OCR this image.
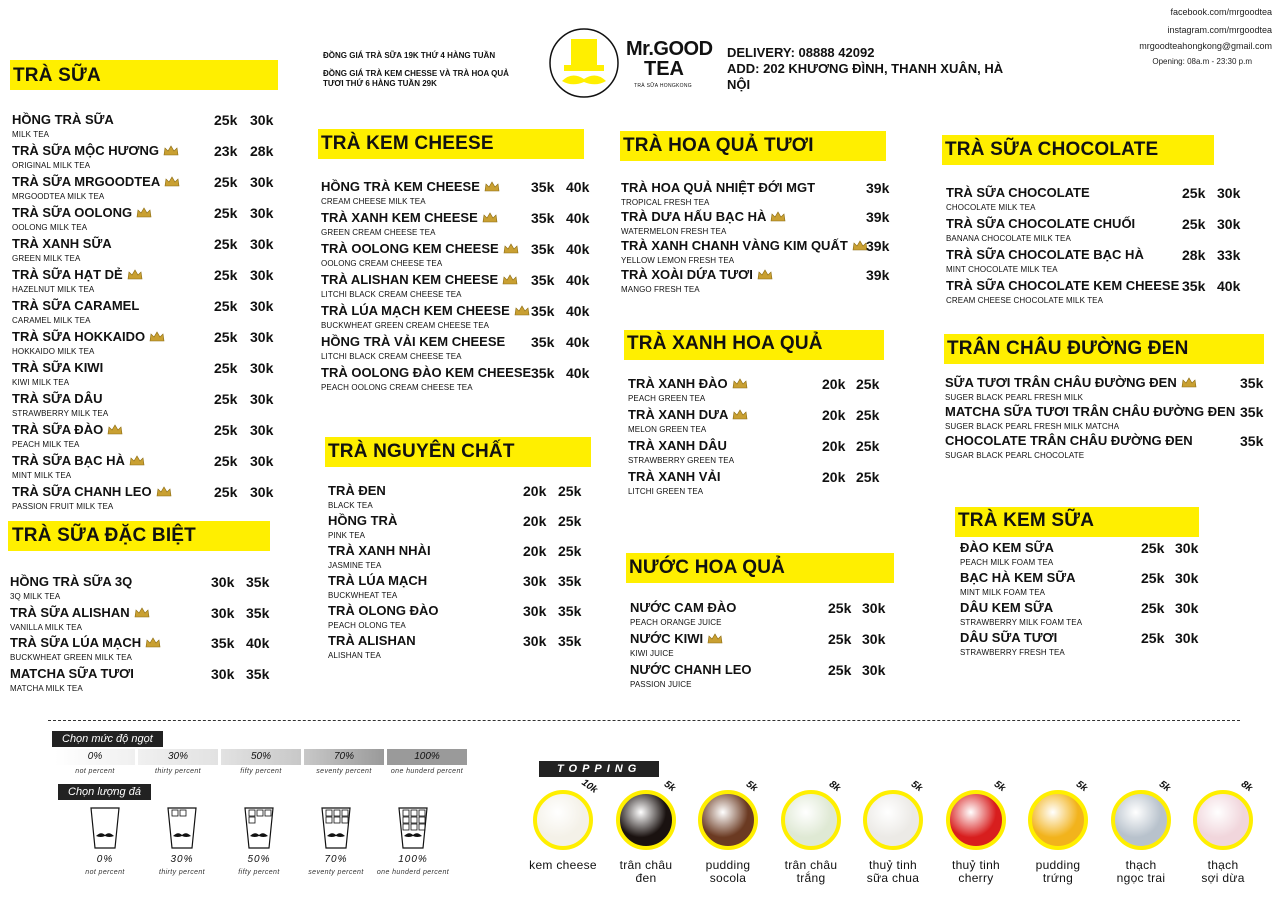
ĐỒNG GIÁ TRÀ SỮA 19K THỨ 4 HÀNG TUẦN
ĐỒNG GIÁ TRÀ KEM CHESSE VÀ TRÀ HOA QUẢ
TƯƠI THỨ 6 HÀNG TUẦN 29K
Mr.GOOD
TEA
TRÀ SỮA HONGKONG
DELIVERY: 08888 42092
ADD: 202 KHƯƠNG ĐÌNH, THANH XUÂN, HÀ
NỘI
facebook.com/mrgoodtea
instagram.com/mrgoodtea
mrgoodteahongkong@gmail.com
Opening: 08a.m - 23:30 p.m
TRÀ SỮA
TRÀ SỮA ĐẶC BIỆT
TRÀ KEM CHEESE
TRÀ NGUYÊN CHẤT
TRÀ HOA QUẢ TƯƠI
TRÀ XANH HOA QUẢ
NƯỚC HOA QUẢ
TRÀ SỮA CHOCOLATE
TRÂN CHÂU ĐƯỜNG ĐEN
TRÀ KEM SỮA
HỒNG TRÀ SỮA
MILK TEA
25k 30k
TRÀ SỮA MỘC HƯƠNG
ORIGINAL MILK TEA
23k 28k
TRÀ SỮA MRGOODTEA
MRGOODTEA MILK TEA
25k 30k
TRÀ SỮA OOLONG
OOLONG MILK TEA
25k 30k
TRÀ XANH SỮA
GREEN MILK TEA
25k 30k
TRÀ SỮA HẠT DẺ
HAZELNUT MILK TEA
25k 30k
TRÀ SỮA CARAMEL
CARAMEL MILK TEA
25k 30k
TRÀ SỮA HOKKAIDO
HOKKAIDO MILK TEA
25k 30k
TRÀ SỮA KIWI
KIWI MILK TEA
25k 30k
TRÀ SỮA DÂU
STRAWBERRY MILK TEA
25k 30k
TRÀ SỮA ĐÀO
PEACH MILK TEA
25k 30k
TRÀ SỮA BẠC HÀ
MINT MILK TEA
25k 30k
TRÀ SỮA CHANH LEO
PASSION FRUIT MILK TEA
25k 30k
HỒNG TRÀ SỮA 3Q
3Q MILK TEA
30k 35k
TRÀ SỮA ALISHAN
VANILLA MILK TEA
30k 35k
TRÀ SỮA LÚA MẠCH
BUCKWHEAT GREEN MILK TEA
35k 40k
MATCHA SỮA TƯƠI
MATCHA MILK TEA
30k 35k
HỒNG TRÀ KEM CHEESE
CREAM CHEESE MILK TEA
35k 40k
TRÀ XANH KEM CHEESE
GREEN CREAM CHEESE TEA
35k 40k
TRÀ OOLONG KEM CHEESE
OOLONG CREAM CHEESE TEA
35k 40k
TRÀ ALISHAN KEM CHEESE
LITCHI BLACK CREAM CHEESE TEA
35k 40k
TRÀ LÚA MẠCH KEM CHEESE
BUCKWHEAT GREEN CREAM CHEESE TEA
35k 40k
HỒNG TRÀ VẢI KEM CHEESE
LITCHI BLACK CREAM CHEESE TEA
35k 40k
TRÀ OOLONG ĐÀO KEM CHEESE
PEACH OOLONG CREAM CHEESE TEA
35k 40k
TRÀ ĐEN
BLACK TEA
20k 25k
HỒNG TRÀ
PINK TEA
20k 25k
TRÀ XANH NHÀI
JASMINE TEA
20k 25k
TRÀ LÚA MẠCH
BUCKWHEAT TEA
30k 35k
TRÀ OLONG ĐÀO
PEACH OLONG TEA
30k 35k
TRÀ ALISHAN
ALISHAN TEA
30k 35k
TRÀ HOA QUẢ NHIỆT ĐỚI MGT
TROPICAL FRESH TEA
39k
TRÀ DƯA HẤU BẠC HÀ
WATERMELON FRESH TEA
39k
TRÀ XANH CHANH VÀNG KIM QUẤT
YELLOW LEMON FRESH TEA
39k
TRÀ XOÀI DỨA TƯƠI
MANGO FRESH TEA
39k
TRÀ XANH ĐÀO
PEACH GREEN TEA
20k 25k
TRÀ XANH DƯA
MELON GREEN TEA
20k 25k
TRÀ XANH DÂU
STRAWBERRY GREEN TEA
20k 25k
TRÀ XANH VẢI
LITCHI GREEN TEA
20k 25k
NƯỚC CAM ĐÀO
PEACH ORANGE JUICE
25k 30k
NƯỚC KIWI
KIWI JUICE
25k 30k
NƯỚC CHANH LEO
PASSION JUICE
25k 30k
TRÀ SỮA CHOCOLATE
CHOCOLATE MILK TEA
25k 30k
TRÀ SỮA CHOCOLATE CHUỐI
BANANA CHOCOLATE MILK TEA
25k 30k
TRÀ SỮA CHOCOLATE BẠC HÀ
MINT CHOCOLATE MILK TEA
28k 33k
TRÀ SỮA CHOCOLATE KEM CHEESE
CREAM CHEESE CHOCOLATE MILK TEA
35k 40k
SỮA TƯƠI TRÂN CHÂU ĐƯỜNG ĐEN
SUGER BLACK PEARL FRESH MILK
35k
MATCHA SỮA TƯƠI TRÂN CHÂU ĐƯỜNG ĐEN
SUGER BLACK PEARL FRESH MILK MATCHA
35k
CHOCOLATE TRÂN CHÂU ĐƯỜNG ĐEN
SUGAR BLACK PEARL CHOCOLATE
35k
ĐÀO KEM SỮA
PEACH MILK FOAM TEA
25k 30k
BẠC HÀ KEM SỮA
MINT MILK FOAM TEA
25k 30k
DÂU KEM SỮA
STRAWBERRY MILK FOAM TEA
25k 30k
DÂU SỮA TƯƠI
STRAWBERRY FRESH TEA
25k 30k
Chọn mức độ ngọt
Chọn lượng đá
TOPPING
0%
not percent
30%
thirty percent
50%
fifty percent
70%
seventy percent
100%
one hunderd percent
0%
not percent
30%
thirty percent
50%
fifty percent
70%
seventy percent
100%
one hunderd percent
10k
kem cheese
5k
trân châu
đen
5k
pudding
socola
8k
trân châu
trắng
5k
thuỷ tinh
sữa chua
5k
thuỷ tinh
cherry
5k
pudding
trứng
5k
thạch
ngọc trai
8k
thạch
sợi dừa
